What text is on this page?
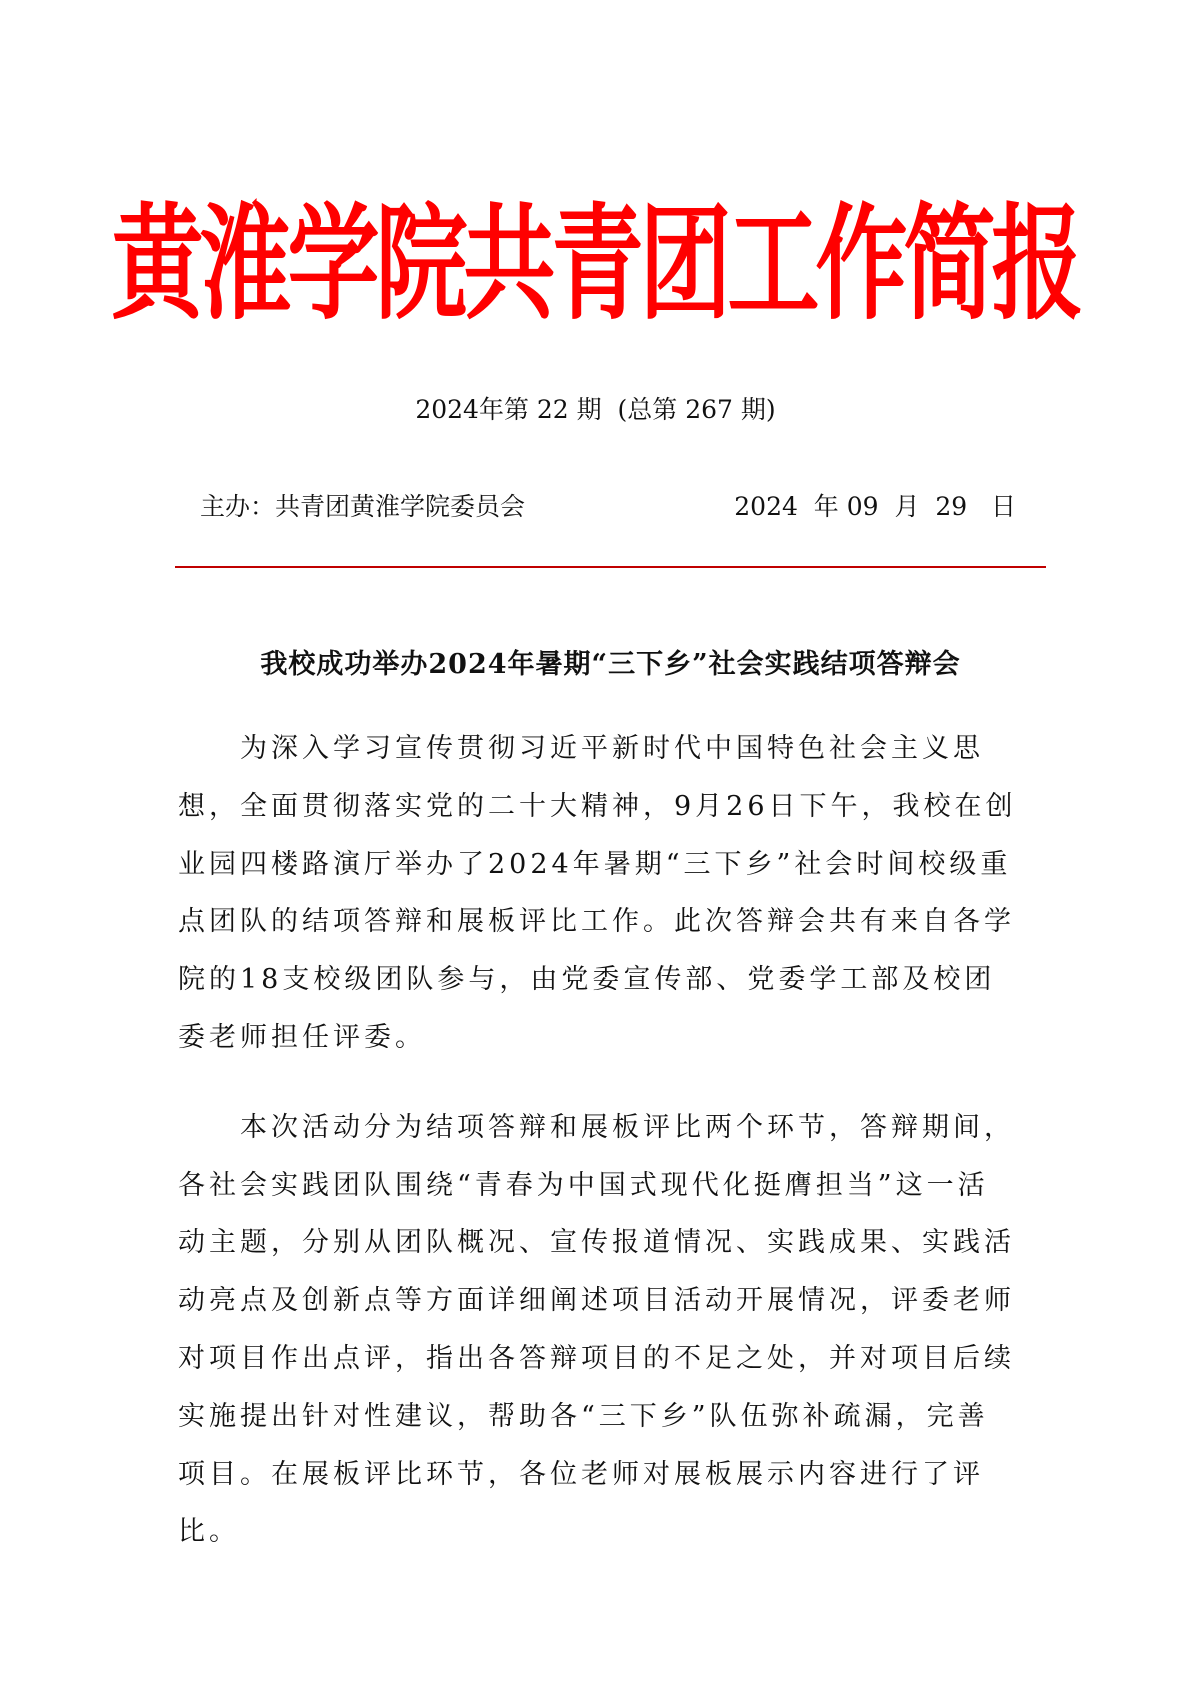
黄淮学院共青团工作简报
2024年第 22 期  (总第 267 期)
主办：共青团黄淮学院委员会	2024  年 09  月  29   日
我校成功举办2024年暑期“三下乡”社会实践结项答辩会

为深入学习宣传贯彻习近平新时代中国特色社会主义思想，全面贯彻落实党的二十大精神，9月26日下午，我校在创业园四楼路演厅举办了2024年暑期“三下乡”社会时间校级重点团队的结项答辩和展板评比工作。此次答辩会共有来自各学院的18支校级团队参与，由党委宣传部、党委学工部及校团委老师担任评委。

本次活动分为结项答辩和展板评比两个环节，答辩期间，各社会实践团队围绕“青春为中国式现代化挺膺担当”这一活动主题，分别从团队概况、宣传报道情况、实践成果、实践活动亮点及创新点等方面详细阐述项目活动开展情况，评委老师对项目作出点评，指出各答辩项目的不足之处，并对项目后续实施提出针对性建议，帮助各“三下乡”队伍弥补疏漏，完善项目。在展板评比环节，各位老师对展板展示内容进行了评比。
